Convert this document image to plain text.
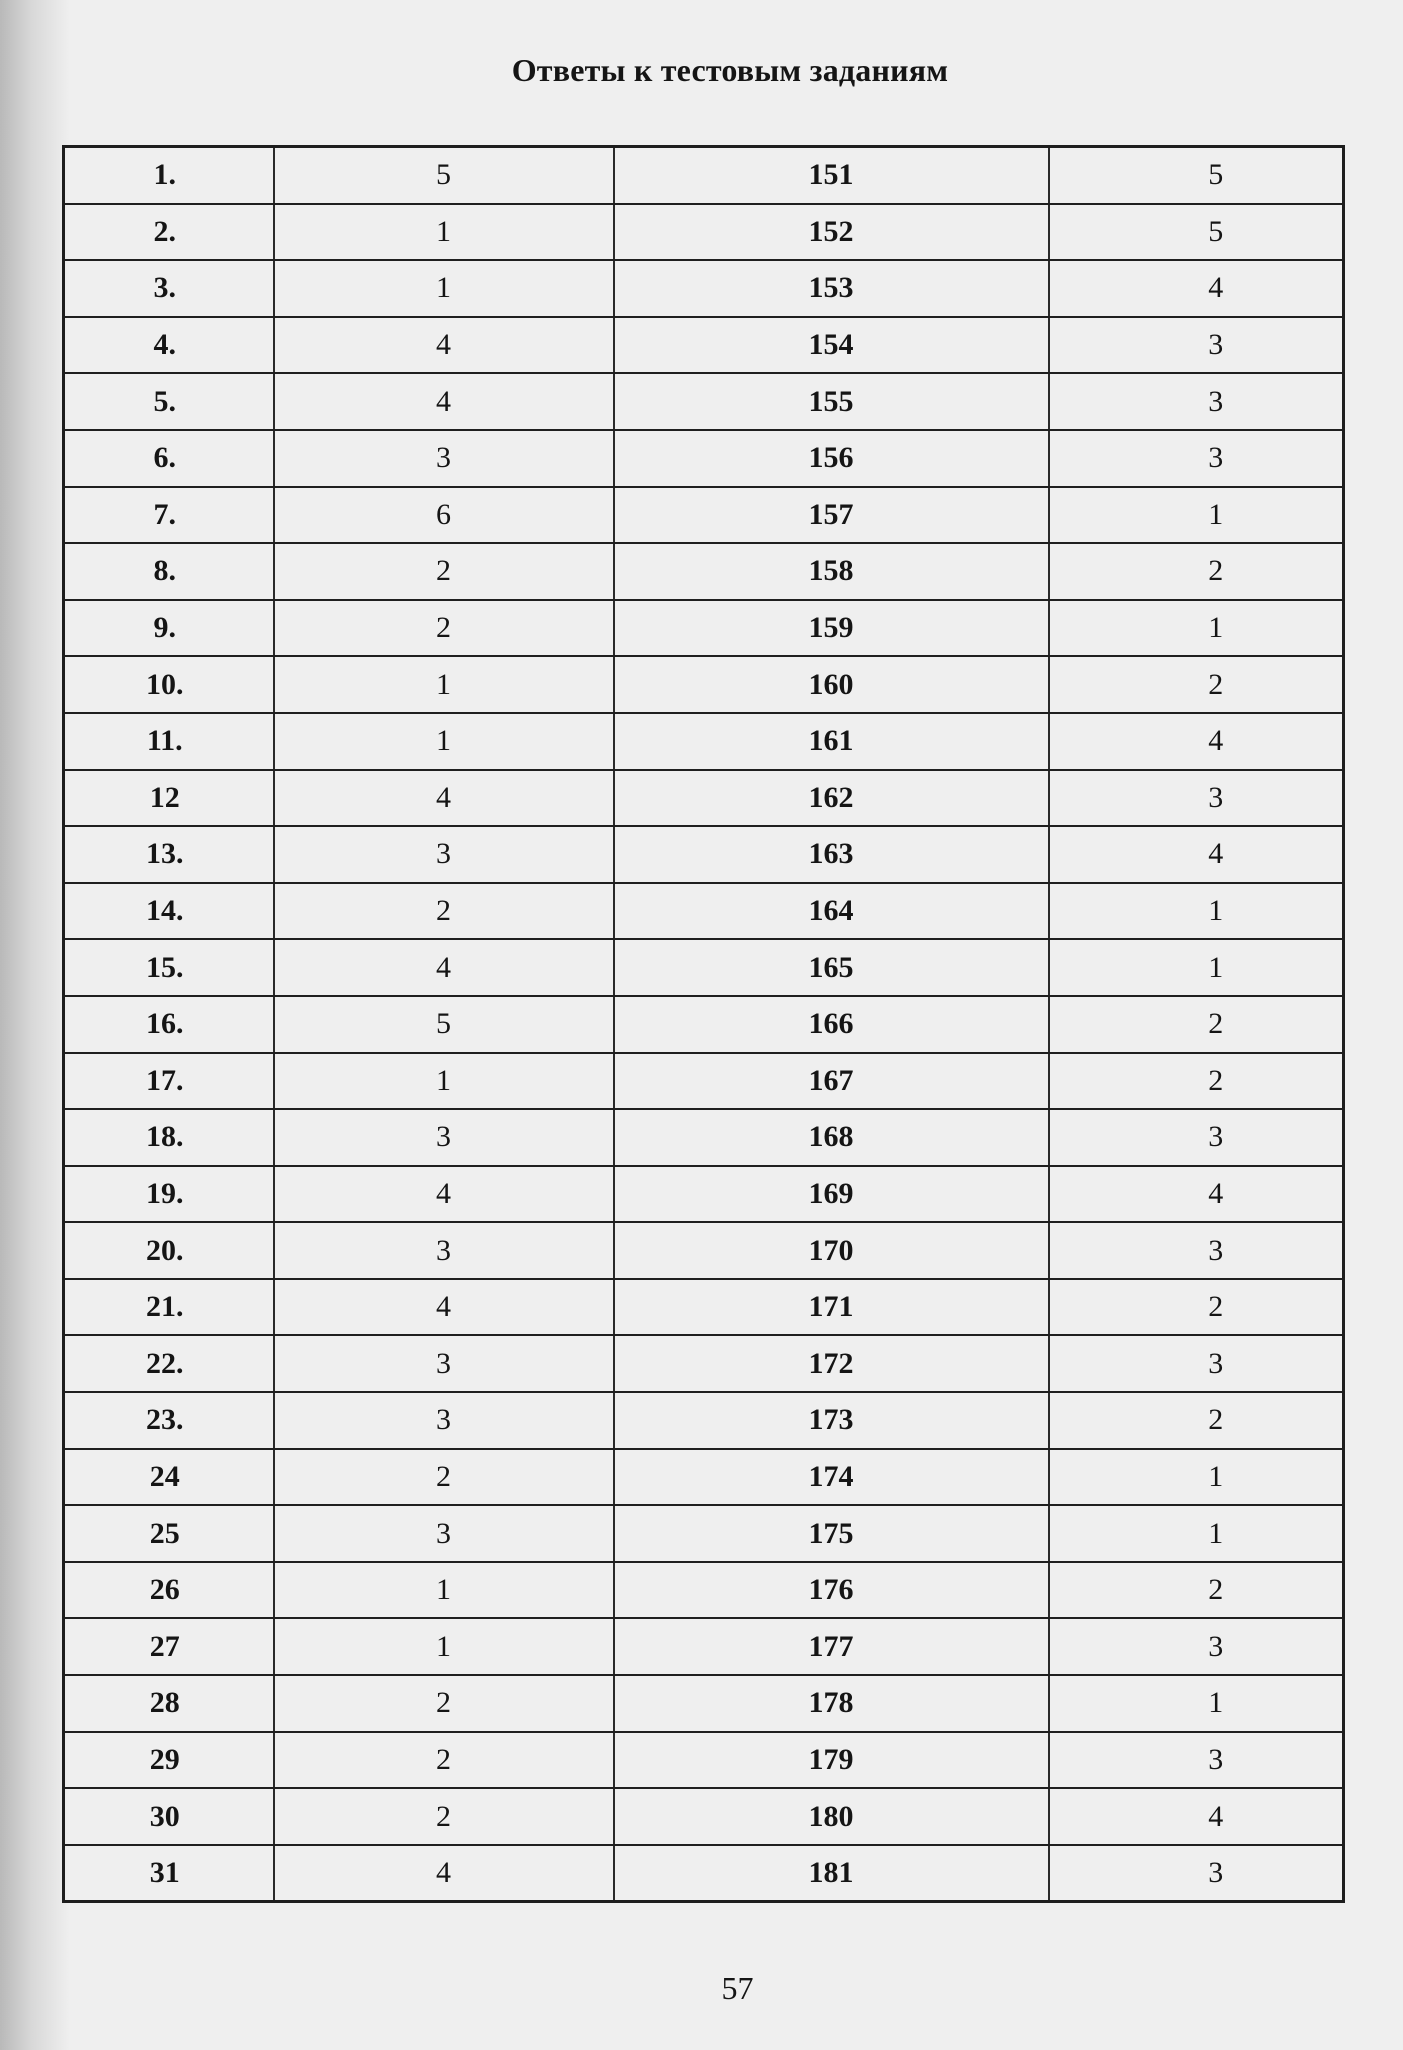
Ответы к тестовым заданиям
1.	5	151	5
2.	1	152	5
3.	1	153	4
4.	4	154	3
5.	4	155	3
6.	3	156	3
7.	6	157	1
8.	2	158	2
9.	2	159	1
10.	1	160	2
11.	1	161	4
12	4	162	3
13.	3	163	4
14.	2	164	1
15.	4	165	1
16.	5	166	2
17.	1	167	2
18.	3	168	3
19.	4	169	4
20.	3	170	3
21.	4	171	2
22.	3	172	3
23.	3	173	2
24	2	174	1
25	3	175	1
26	1	176	2
27	1	177	3
28	2	178	1
29	2	179	3
30	2	180	4
31	4	181	3
57
